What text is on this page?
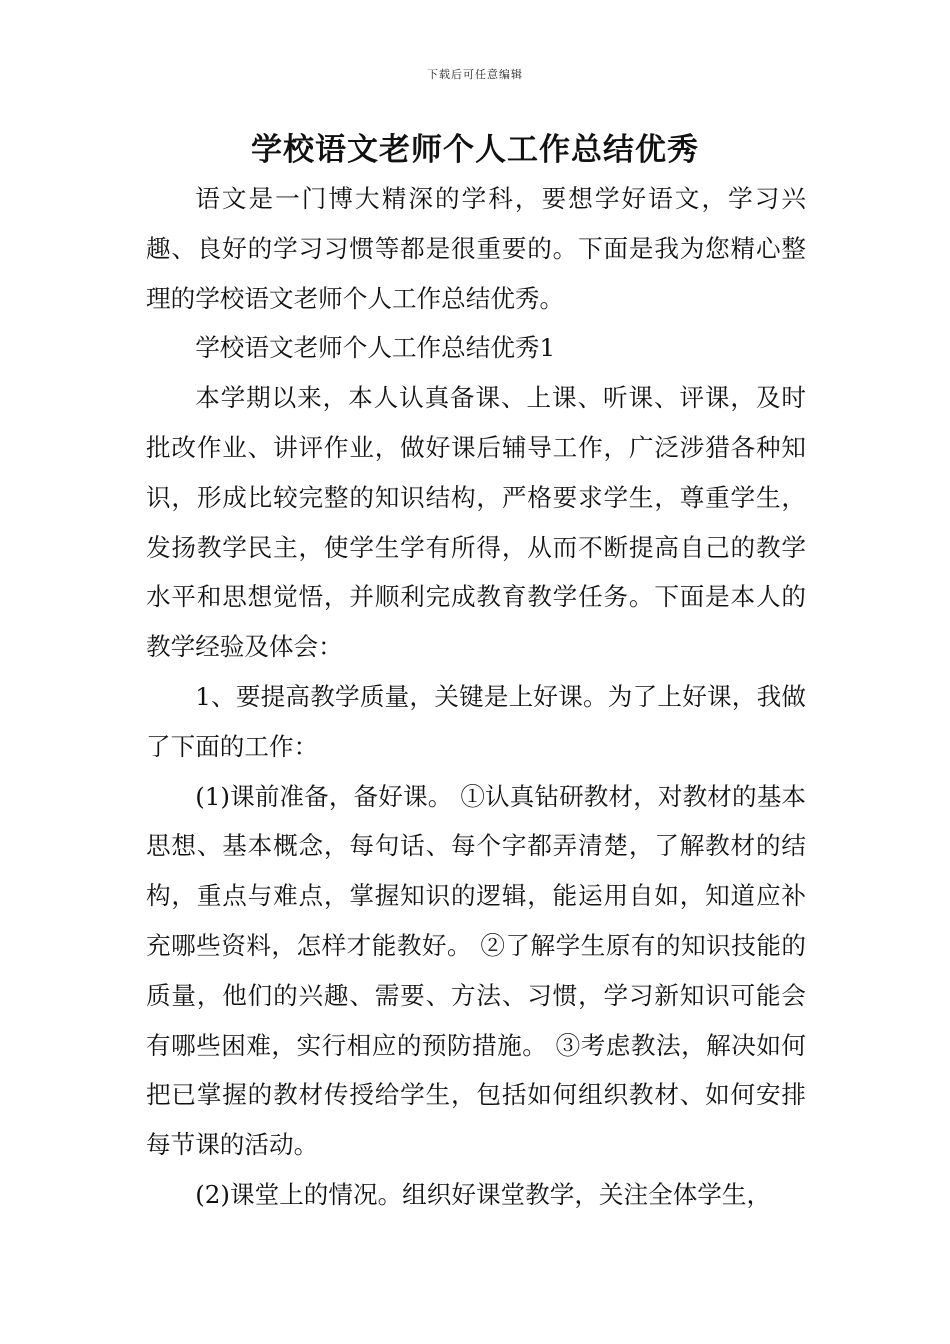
下载后可任意编辑
学校语文老师个人工作总结优秀

语文是一门博大精深的学科，要想学好语文，学习兴趣、良好的学习习惯等都是很重要的。下面是我为您精心整理的学校语文老师个人工作总结优秀。

学校语文老师个人工作总结优秀1

本学期以来，本人认真备课、上课、听课、评课，及时批改作业、讲评作业，做好课后辅导工作，广泛涉猎各种知识，形成比较完整的知识结构，严格要求学生，尊重学生，发扬教学民主，使学生学有所得，从而不断提高自己的教学水平和思想觉悟，并顺利完成教育教学任务。下面是本人的教学经验及体会：

1、要提高教学质量，关键是上好课。为了上好课，我做了下面的工作：

(1)课前准备，备好课。 ①认真钻研教材，对教材的基本思想、基本概念，每句话、每个字都弄清楚，了解教材的结构，重点与难点，掌握知识的逻辑，能运用自如，知道应补充哪些资料，怎样才能教好。 ②了解学生原有的知识技能的质量，他们的兴趣、需要、方法、习惯，学习新知识可能会有哪些困难，实行相应的预防措施。 ③考虑教法，解决如何把已掌握的教材传授给学生，包括如何组织教材、如何安排每节课的活动。

(2)课堂上的情况。组织好课堂教学，关注全体学生，
